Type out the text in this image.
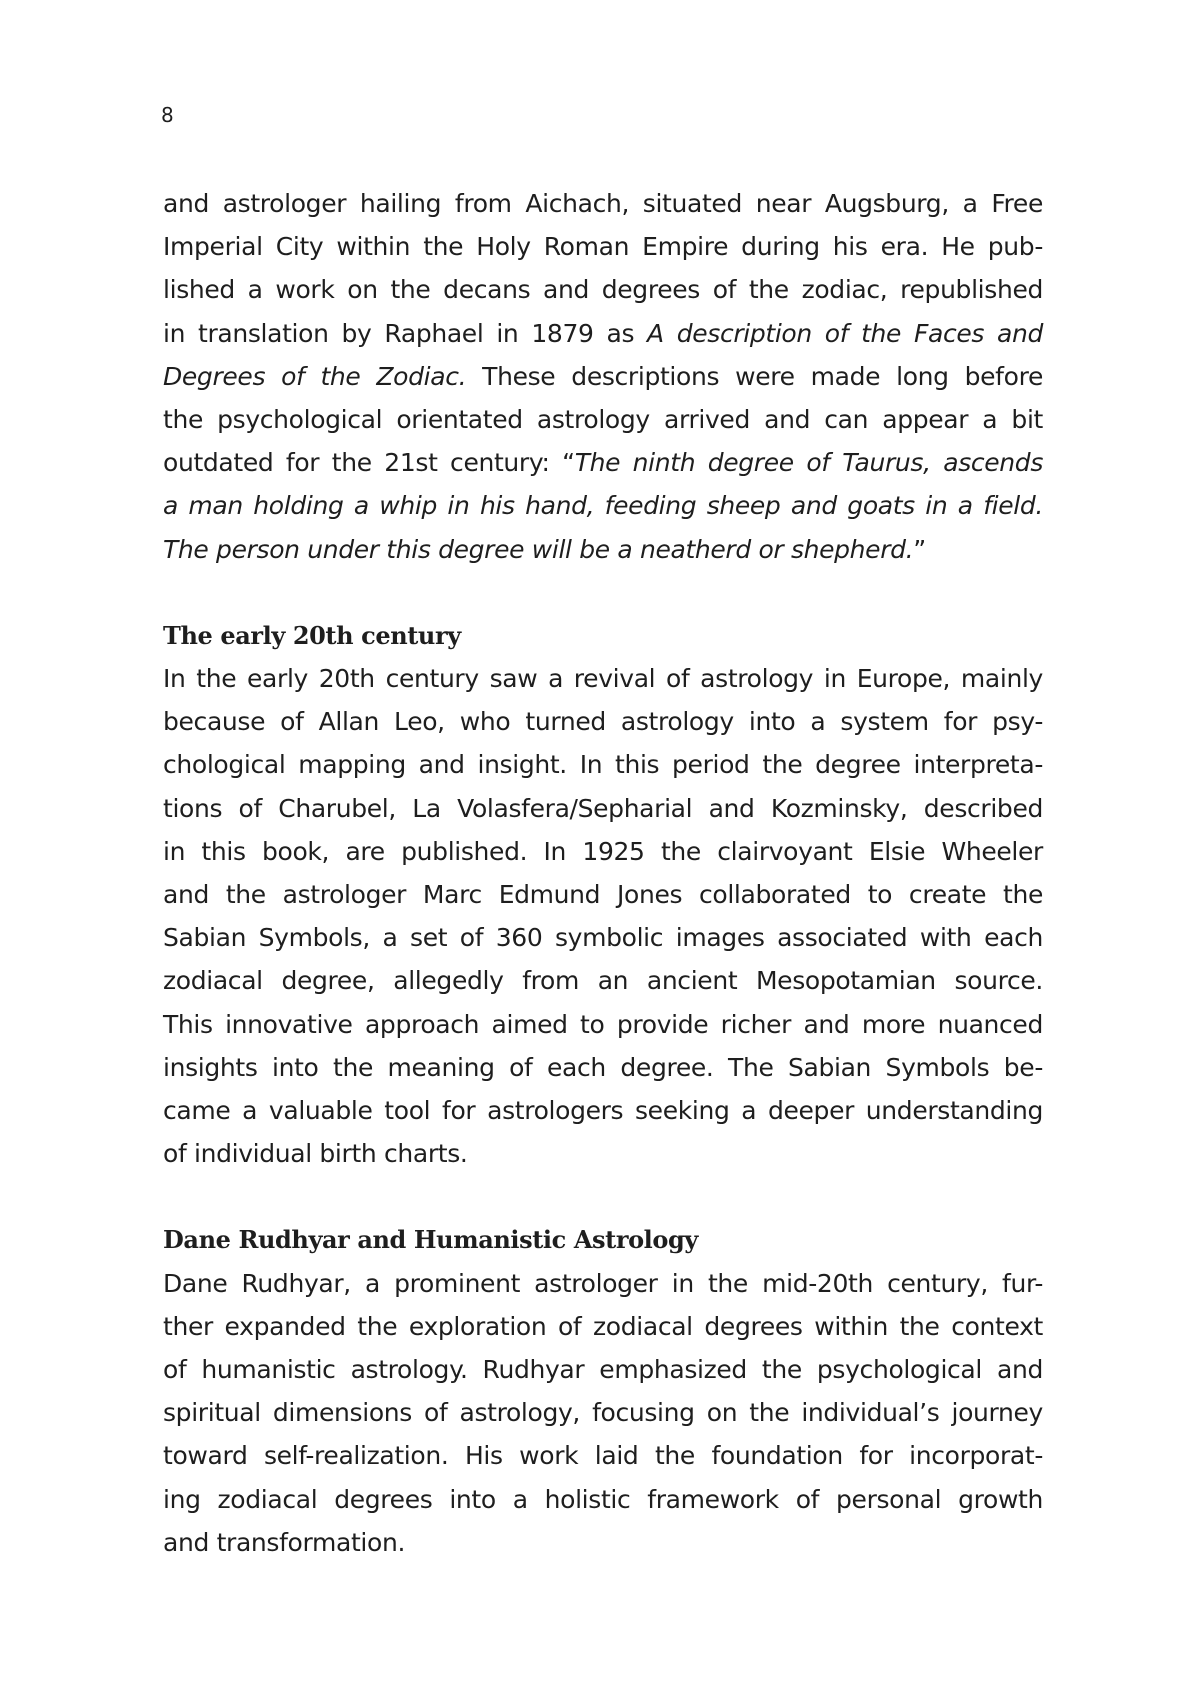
8

and astrologer hailing from Aichach, situated near Augsburg, a Free
Imperial City within the Holy Roman Empire during his era. He pub-
lished a work on the decans and degrees of the zodiac, republished
in translation by Raphael in 1879 as A description of the Faces and
Degrees of the Zodiac. These descriptions were made long before
the psychological orientated astrology arrived and can appear a bit
outdated for the 21st century: “The ninth degree of Taurus, ascends
a man holding a whip in his hand, feeding sheep and goats in a field.
The person under this degree will be a neatherd or shepherd.”

The early 20th century

In the early 20th century saw a revival of astrology in Europe, mainly
because of Allan Leo, who turned astrology into a system for psy-
chological mapping and insight. In this period the degree interpreta-
tions of Charubel, La Volasfera/Sepharial and Kozminsky, described
in this book, are published. In 1925 the clairvoyant Elsie Wheeler
and the astrologer Marc Edmund Jones collaborated to create the
Sabian Symbols, a set of 360 symbolic images associated with each
zodiacal degree, allegedly from an ancient Mesopotamian source.
This innovative approach aimed to provide richer and more nuanced
insights into the meaning of each degree. The Sabian Symbols be-
came a valuable tool for astrologers seeking a deeper understanding
of individual birth charts.

Dane Rudhyar and Humanistic Astrology

Dane Rudhyar, a prominent astrologer in the mid-20th century, fur-
ther expanded the exploration of zodiacal degrees within the context
of humanistic astrology. Rudhyar emphasized the psychological and
spiritual dimensions of astrology, focusing on the individual’s journey
toward self-realization. His work laid the foundation for incorporat-
ing zodiacal degrees into a holistic framework of personal growth
and transformation.
